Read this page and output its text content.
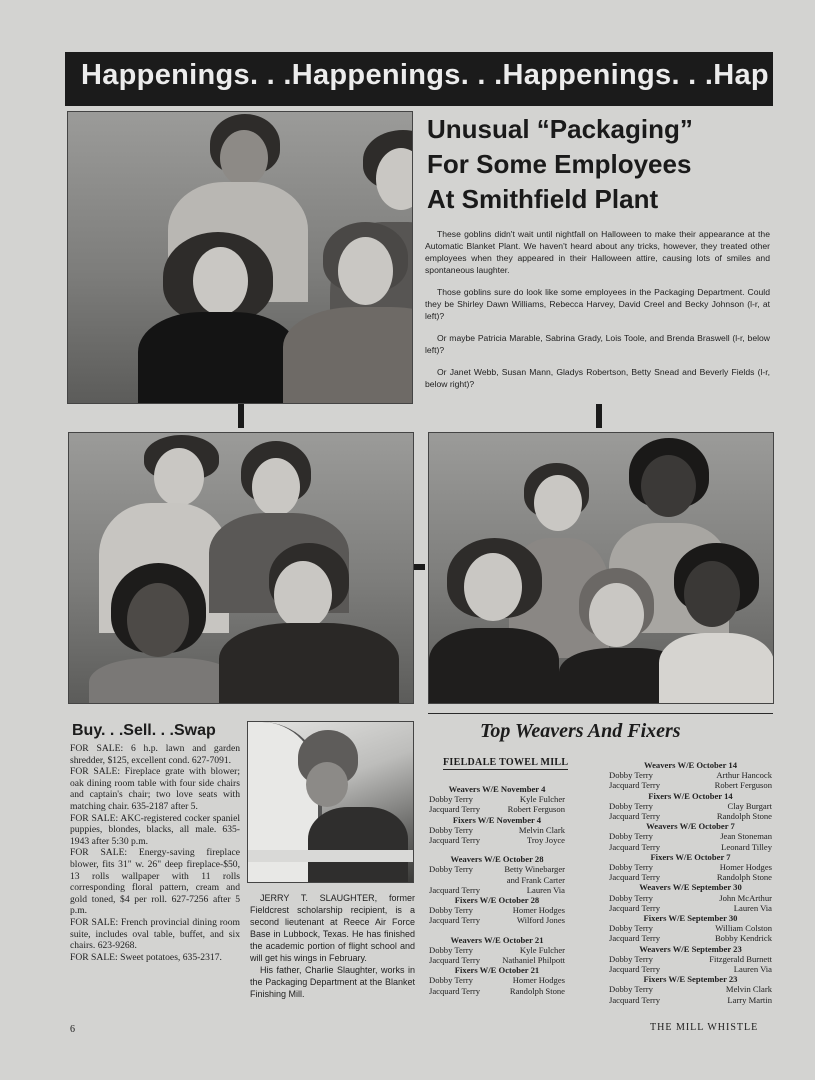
Happenings. . .Happenings. . .Happenings. . .Hap
Unusual “Packaging”
For Some Employees
At Smithfield Plant

These goblins didn't wait until nightfall on Halloween to make their appearance at the Automatic Blanket Plant. We haven't heard about any tricks, however, they treated other employees when they appeared in their Halloween attire, causing lots of smiles and spontaneous laughter.

Those goblins sure do look like some employees in the Packaging Department. Could they be Shirley Dawn Williams, Rebecca Harvey, David Creel and Becky Johnson (l-r, at left)?

Or maybe Patricia Marable, Sabrina Grady, Lois Toole, and Brenda Braswell (l-r, below left)?

Or Janet Webb, Susan Mann, Gladys Robertson, Betty Snead and Beverly Fields (l-r, below right)?

Buy. . .Sell. . .Swap

FOR SALE: 6 h.p. lawn and garden shredder, $125, excellent cond. 627-7091.

FOR SALE: Fireplace grate with blower; oak dining room table with four side chairs and captain's chair; two love seats with matching chair. 635-2187 after 5.

FOR SALE: AKC-registered cocker spaniel puppies, blondes, blacks, all male. 635-1943 after 5:30 p.m.

FOR SALE: Energy-saving fireplace blower, fits 31" w. 26" deep fireplace-$50, 13 rolls wallpaper with 11 rolls corresponding floral pattern, cream and gold toned, $4 per roll. 627-7256 after 5 p.m.

FOR SALE: French provincial dining room suite, includes oval table, buffet, and six chairs. 623-9268.

FOR SALE: Sweet potatoes, 635-2317.

JERRY T. SLAUGHTER, former Fieldcrest scholarship recipient, is a second lieutenant at Reece Air Force Base in Lubbock, Texas. He has finished the academic portion of flight school and will get his wings in February.

His father, Charlie Slaughter, works in the Packaging Department at the Blanket Finishing Mill.

Top Weavers And Fixers
FIELDALE TOWEL MILL
Weavers W/E November 4
Dobby Terry	Kyle Fulcher
Jacquard Terry	Robert Ferguson
Fixers W/E November 4
Dobby Terry	Melvin Clark
Jacquard Terry	Troy Joyce
Weavers W/E October 28
Dobby Terry	Betty Winebarger
and Frank Carter
Jacquard Terry	Lauren Via
Fixers W/E October 28
Dobby Terry	Homer Hodges
Jacquard Terry	Wilford Jones
Weavers W/E October 21
Dobby Terry	Kyle Fulcher
Jacquard Terry	Nathaniel Philpott
Fixers W/E October 21
Dobby Terry	Homer Hodges
Jacquard Terry	Randolph Stone
Weavers W/E October 14
Dobby Terry	Arthur Hancock
Jacquard Terry	Robert Ferguson
Fixers W/E October 14
Dobby Terry	Clay Burgart
Jacquard Terry	Randolph Stone
Weavers W/E October 7
Dobby Terry	Jean Stoneman
Jacquard Terry	Leonard Tilley
Fixers W/E October 7
Dobby Terry	Homer Hodges
Jacquard Terry	Randolph Stone
Weavers W/E September 30
Dobby Terry	John McArthur
Jacquard Terry	Lauren Via
Fixers W/E September 30
Dobby Terry	William Colston
Jacquard Terry	Bobby Kendrick
Weavers W/E September 23
Dobby Terry	Fitzgerald Burnett
Jacquard Terry	Lauren Via
Fixers W/E September 23
Dobby Terry	Melvin Clark
Jacquard Terry	Larry Martin
6	THE MILL WHISTLE
